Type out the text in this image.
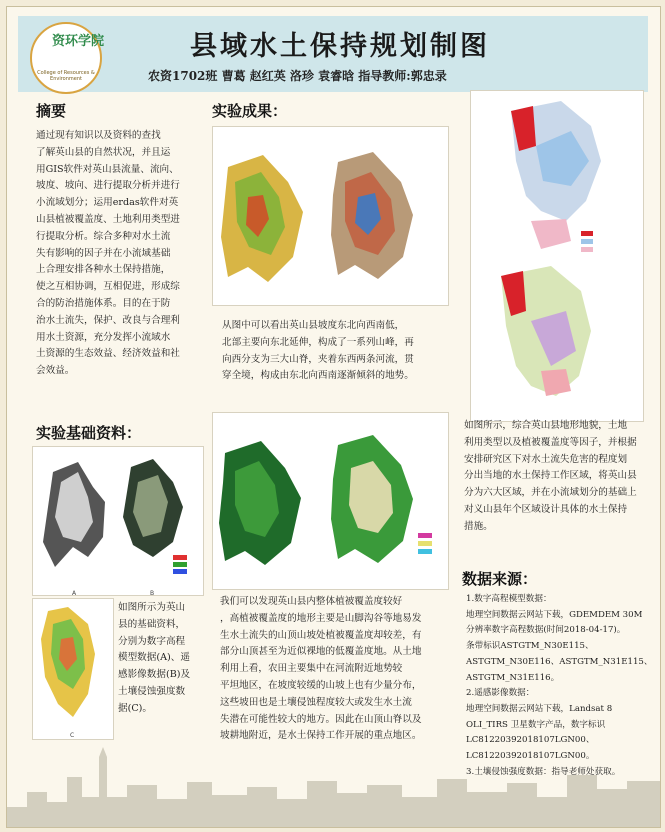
资环学院
College of Resources & Environment
县域水土保持规划制图
农资1702班 曹葛 赵红英 洛珍 袁睿晗 指导教师:郭忠录
摘要
通过现有知识以及资料的查找
了解英山县的自然状况，并且运
用GIS软件对英山县流量、流向、
坡度、坡向、进行提取分析并进行
小流域划分；运用erdas软件对英
山县植被覆盖度、土地利用类型进
行提取分析。综合多种对水土流
失有影响的因子并在小流域基础
上合理安排各种水土保持措施，
使之互相协调，互相促进，形成综
合的防治措施体系。目的在于防
治水土流失，保护、改良与合理利
用水土资源，充分发挥小流域水
土资源的生态效益、经济效益和社
会效益。
实验基础资料：
A	B
C
如图所示为英山
县的基础资料，
分别为数字高程
模型数据(A)、遥
感影像数据(B)及
土壤侵蚀强度数
据(C)。
实验成果：
从图中可以看出英山县坡度东北向西南低，
北部主要向东北延伸，构成了一系列山峰，再
向西分支为三大山脊，夹着东西两条河流，贯
穿全境，构成由东北向西南逐渐倾斜的地势。
我们可以发现英山县内整体植被覆盖度较好
，高植被覆盖度的地形主要是山脚沟谷等地易发
生水土流失的山顶山坡处植被覆盖度却较差，有
部分山顶甚至为近似裸地的低覆盖度地。从土地
利用上看，农田主要集中在河流附近地势较
平坦地区，在坡度较缓的山坡上也有少量分布，
这些坡田也是土壤侵蚀程度较大或发生水土流
失潜在可能性较大的地方。因此在山顶山脊以及
坡耕地附近，是水土保持工作开展的重点地区。
如图所示，综合英山县地形地貌，土地
利用类型以及植被覆盖度等因子，并根据
安排研究区下对水土流失危害的程度划
分出当地的水土保持工作区域，将英山县
分为六大区域，并在小流域划分的基础上
对义山县年个区域设计具体的水土保持
措施。
数据来源：
1.数字高程模型数据：
地理空间数据云网站下载，GDEMDEM 30M
分辨率数字高程数据(时间2018-04-17)。
条带标识ASTGTM_N30E115、
ASTGTM_N30E116、ASTGTM_N31E115、
ASTGTM_N31E116。
2.遥感影像数据：
地理空间数据云网站下载，Landsat 8
OLI_TIRS 卫星数字产品，数字标识
LC81220392018107LGN00、
LC81220392018107LGN00。
3.土壤侵蚀强度数据：指导老师处获取。
